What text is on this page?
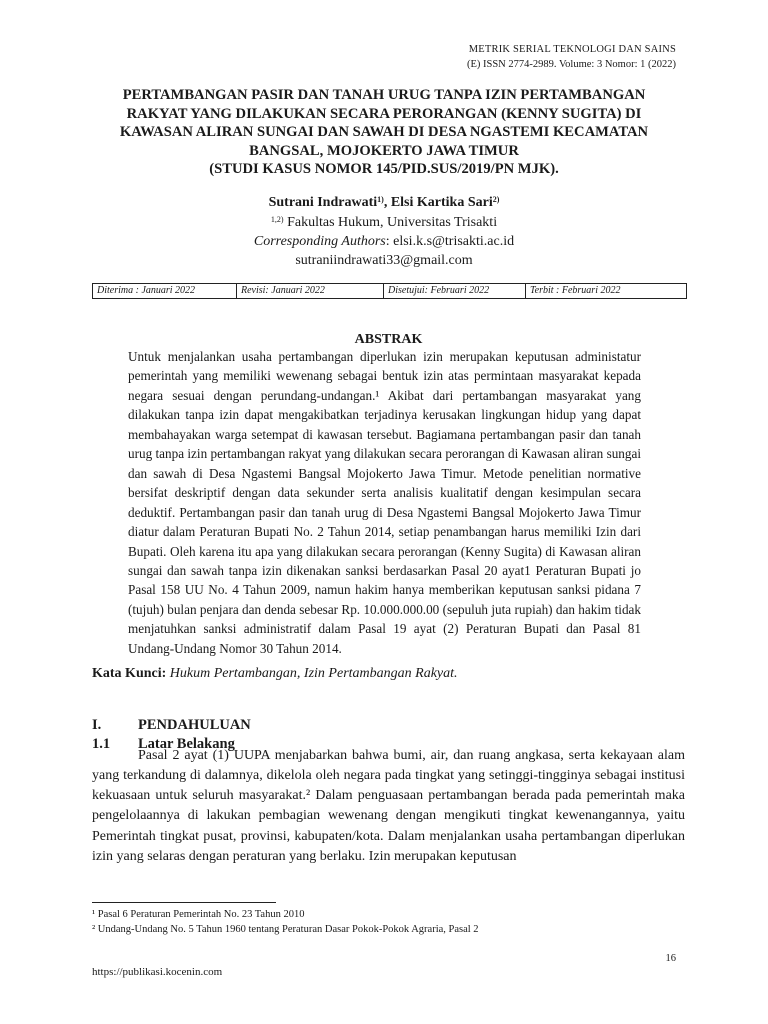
METRIK SERIAL TEKNOLOGI DAN SAINS
(E) ISSN 2774-2989. Volume: 3 Nomor: 1 (2022)
PERTAMBANGAN PASIR DAN TANAH URUG TANPA IZIN PERTAMBANGAN
RAKYAT YANG DILAKUKAN SECARA PERORANGAN (KENNY SUGITA) DI
KAWASAN ALIRAN SUNGAI DAN SAWAH DI DESA NGASTEMI KECAMATAN
BANGSAL, MOJOKERTO JAWA TIMUR
(STUDI KASUS NOMOR 145/PID.SUS/2019/PN MJK).
Sutrani Indrawati$^{1)}$, Elsi Kartika Sari$^{2)}$
$^{1,2)}$ Fakultas Hukum, Universitas Trisakti
Corresponding Authors: elsi.k.s@trisakti.ac.id
sutraniindrawati33@gmail.com
Diterima : Januari 2022	Revisi: Januari 2022	Disetujui: Februari 2022	Terbit : Februari 2022
ABSTRAK

Untuk menjalankan usaha pertambangan diperlukan izin merupakan keputusan administatur pemerintah yang memiliki wewenang sebagai bentuk izin atas permintaan masyarakat kepada negara sesuai dengan perundang-undangan.¹ Akibat dari pertambangan masyarakat yang dilakukan tanpa izin dapat mengakibatkan terjadinya kerusakan lingkungan hidup yang dapat membahayakan warga setempat di kawasan tersebut. Bagiamana pertambangan pasir dan tanah urug tanpa izin pertambangan rakyat yang dilakukan secara perorangan di Kawasan aliran sungai dan sawah di Desa Ngastemi Bangsal Mojokerto Jawa Timur. Metode penelitian normative bersifat deskriptif dengan data sekunder serta analisis kualitatif dengan kesimpulan secara deduktif. Pertambangan pasir dan tanah urug di Desa Ngastemi Bangsal Mojokerto Jawa Timur diatur dalam Peraturan Bupati No. 2 Tahun 2014, setiap penambangan harus memiliki Izin dari Bupati. Oleh karena itu apa yang dilakukan secara perorangan (Kenny Sugita) di Kawasan aliran sungai dan sawah tanpa izin dikenakan sanksi berdasarkan Pasal 20 ayat1 Peraturan Bupati jo Pasal 158 UU No. 4 Tahun 2009, namun hakim hanya memberikan keputusan sanksi pidana 7 (tujuh) bulan penjara dan denda sebesar Rp. 10.000.000.00 (sepuluh juta rupiah) dan hakim tidak menjatuhkan sanksi administratif dalam Pasal 19 ayat (2) Peraturan Bupati dan Pasal 81 Undang-Undang Nomor 30 Tahun 2014.

Kata Kunci: Hukum Pertambangan, Izin Pertambangan Rakyat.
I.	PENDAHULUAN
1.1 Latar Belakang

Pasal 2 ayat (1) UUPA menjabarkan bahwa bumi, air, dan ruang angkasa, serta kekayaan alam yang terkandung di dalamnya, dikelola oleh negara pada tingkat yang setinggi-tingginya sebagai institusi kekuasaan untuk seluruh masyarakat.² Dalam penguasaan pertambangan berada pada pemerintah maka pengelolaannya di lakukan pembagian wewenang dengan mengikuti tingkat kewenangannya, yaitu Pemerintah tingkat pusat, provinsi, kabupaten/kota. Dalam menjalankan usaha pertambangan diperlukan izin yang selaras dengan peraturan yang berlaku. Izin merupakan keputusan

¹ Pasal 6 Peraturan Pemerintah No. 23 Tahun 2010
² Undang-Undang No. 5 Tahun 1960 tentang Peraturan Dasar Pokok-Pokok Agraria, Pasal 2
16
https://publikasi.kocenin.com
